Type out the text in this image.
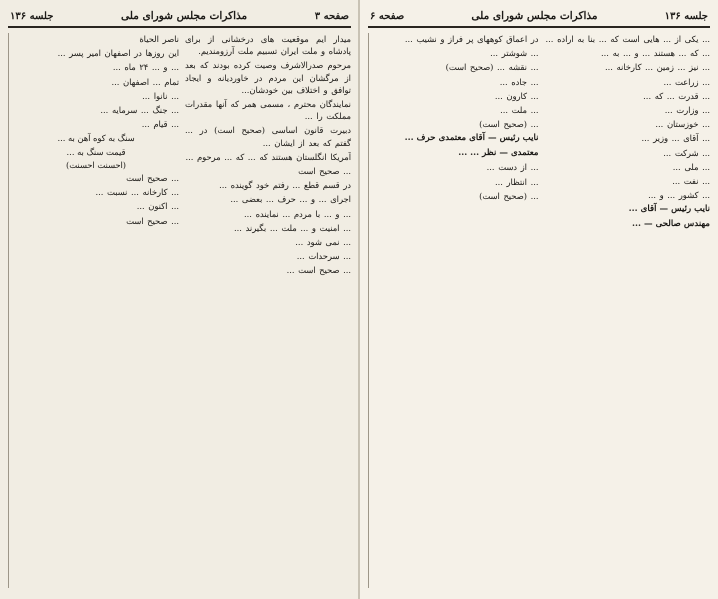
صفحه ۳
مذاکرات مجلس شورای ملی
جلسه ۱۳۶

میدار ایم موقعیت های درخشانی از برای پادشاه و ملت ایران تسبیم ملت آرزومندیم.

مرحوم صدرالاشرف وصیت کرده بودند که بعد از مرگشان این مردم در خاوردیانه و ایجاد توافق و اختلاف بین خودشان...

نمایندگان محترم ، مسمی همر که آنها مقدرات مملکت را ...

دبیرت قانون اساسی (صحیح است) در ... گفتم که بعد از ایشان ...

آمریکا انگلستان هستند که ... که ... مرحوم ...

... صحیح است

در قسم قطع ... رفتم خود گوینده ...

اجرای ... و ... حرف ... بعضی ...

... و ... با مردم ... نماینده ...

... امنیت و ... ملت ... بگیرند ...

... نمی شود ...

... سرحدات ...

... صحیح است ...

ناصر الحياة

این روزها در اصفهان امیر پسر ...

... و ... ۲۴ ماه ...

تمام ... اصفهان ...

... نانوا ...

... جنگ ... سرمایه ...

... قیام ...

سنگ به کوه آهن به ...
قیمت سنگ به ...
(احسنت احسنت)

... صحیح است

... کارخانه ... نسبت ...

... اکنون ...

... صحیح است

جلسه ۱۳۶
مذاکرات مجلس شورای ملی
صفحه ۶

... یکی از ... هایی است که ... بنا به اراده ...

... که ... هستند ... و ... به ...

... نیز ... زمین ... کارخانه ...

... زراعت ...

... قدرت ... که ...

... وزارت ...

... خوزستان ...

... آقای ... وزیر ...

... شرکت ...

... ملی ...

... نفت ...

... کشور ... و ...

نایب رئیس — آقای ...
مهندس صالحی — ...

در اعماق کوههای پر فراز و نشیب ...

... شوشتر ...

... نقشه ... (صحیح است)

... جاده ...

... کارون ...

... ملت ...

... (صحیح است)

نایب رئیس — آقای معتمدی حرف ...
معتمدی — نظر ... ...

... از دست ...

... انتظار ...

... (صحیح است)
